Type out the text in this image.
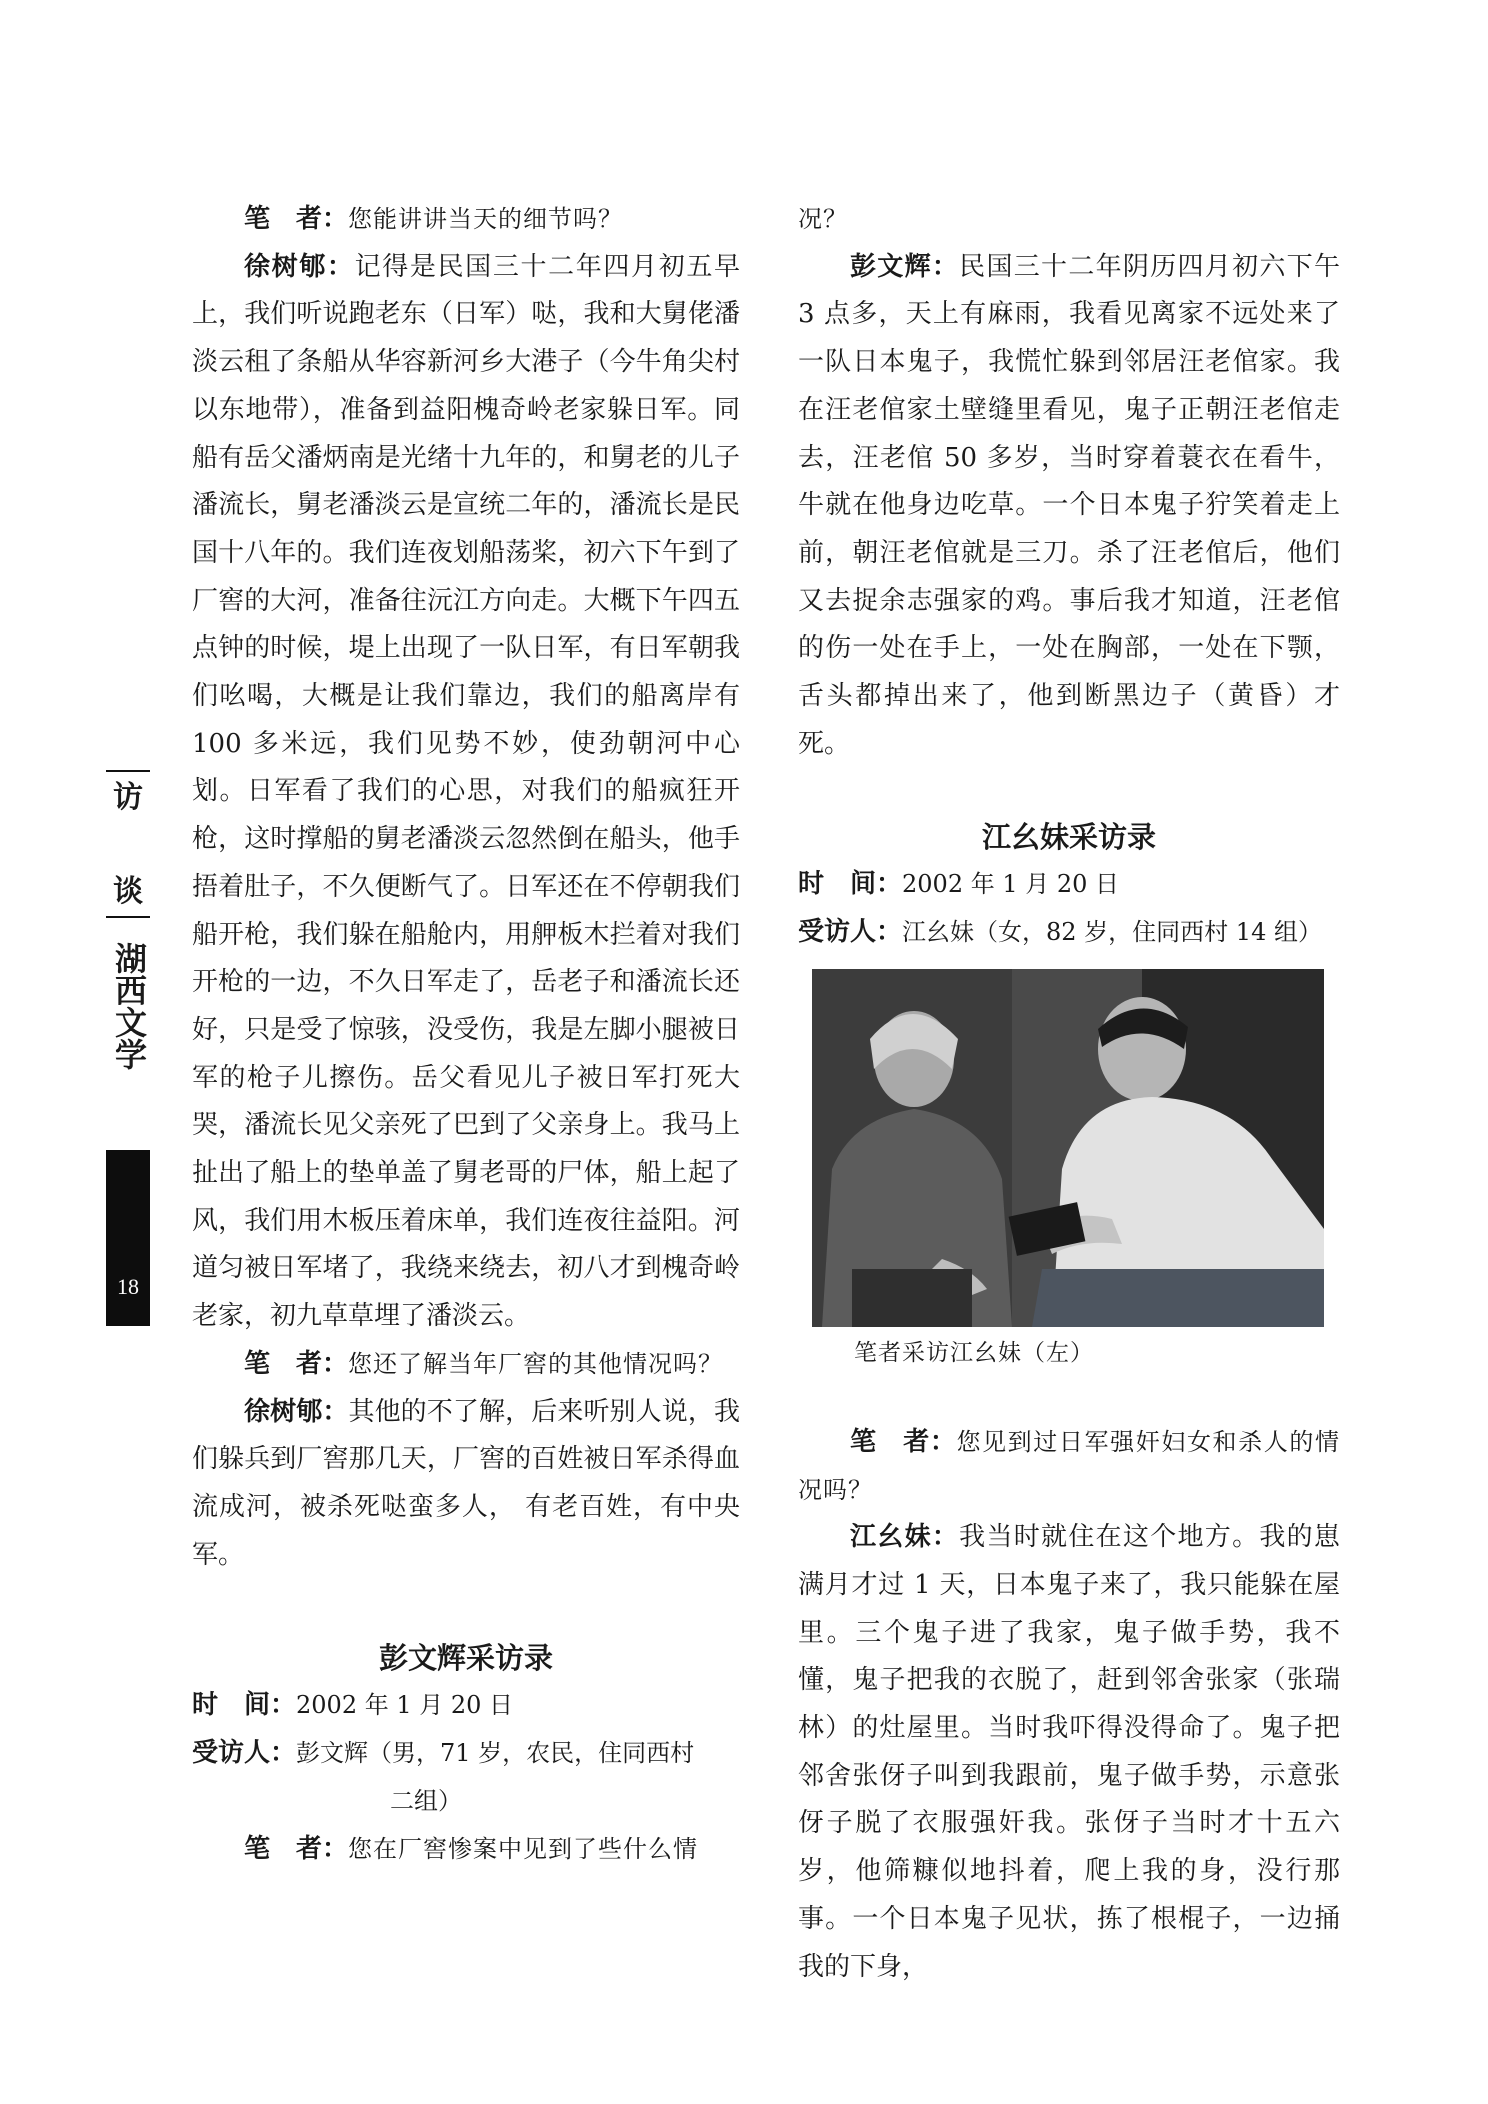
笔　者：您能讲讲当天的细节吗？

徐树郇：记得是民国三十二年四月初五早上，我们听说跑老东（日军）哒，我和大舅佬潘淡云租了条船从华容新河乡大港子（今牛角尖村以东地带），准备到益阳槐奇岭老家躲日军。同船有岳父潘炳南是光绪十九年的，和舅老的儿子潘流长，舅老潘淡云是宣统二年的，潘流长是民国十八年的。我们连夜划船荡桨，初六下午到了厂窖的大河，准备往沅江方向走。大概下午四五点钟的时候，堤上出现了一队日军，有日军朝我们吆喝，大概是让我们靠边，我们的船离岸有 100 多米远，我们见势不妙，使劲朝河中心划。日军看了我们的心思，对我们的船疯狂开枪，这时撑船的舅老潘淡云忽然倒在船头，他手捂着肚子，不久便断气了。日军还在不停朝我们船开枪，我们躲在船舱内，用舺板木拦着对我们开枪的一边，不久日军走了，岳老子和潘流长还好，只是受了惊骇，没受伤，我是左脚小腿被日军的枪子儿擦伤。岳父看见儿子被日军打死大哭，潘流长见父亲死了巴到了父亲身上。我马上扯出了船上的垫单盖了舅老哥的尸体，船上起了风，我们用木板压着床单，我们连夜往益阳。河道匀被日军堵了，我绕来绕去，初八才到槐奇岭老家，初九草草埋了潘淡云。

笔　者：您还了解当年厂窖的其他情况吗？

徐树郇：其他的不了解，后来听别人说，我们躲兵到厂窖那几天，厂窖的百姓被日军杀得血流成河，被杀死哒蛮多人， 有老百姓，有中央军。

彭文辉采访录

时　间：2002 年 1 月 20 日

受访人：彭文辉（男，71 岁，农民，住同西村

二组）

笔　者：您在厂窖惨案中见到了些什么情

况？

彭文辉：民国三十二年阴历四月初六下午 3 点多，天上有麻雨，我看见离家不远处来了一队日本鬼子，我慌忙躲到邻居汪老倌家。我在汪老倌家土壁缝里看见，鬼子正朝汪老倌走去，汪老倌 50 多岁，当时穿着蓑衣在看牛，牛就在他身边吃草。一个日本鬼子狞笑着走上前，朝汪老倌就是三刀。杀了汪老倌后，他们又去捉余志强家的鸡。事后我才知道，汪老倌的伤一处在手上，一处在胸部，一处在下颚，舌头都掉出来了，他到断黑边子（黄昏）才死。

江幺妹采访录

时　间：2002 年 1 月 20 日

受访人：江幺妹（女，82 岁，住同西村 14 组）

笔者采访江幺妹（左）

笔　者：您见到过日军强奸妇女和杀人的情况吗？

江幺妹：我当时就住在这个地方。我的崽满月才过 1 天，日本鬼子来了，我只能躲在屋里。三个鬼子进了我家，鬼子做手势，我不懂，鬼子把我的衣脱了，赶到邻舍张家（张瑞林）的灶屋里。当时我吓得没得命了。鬼子把邻舍张伢子叫到我跟前，鬼子做手势，示意张伢子脱了衣服强奸我。张伢子当时才十五六岁，他筛糠似地抖着，爬上我的身，没行那事。一个日本鬼子见状，拣了根棍子，一边捅我的下身，

访
谈
湖西文学
18
